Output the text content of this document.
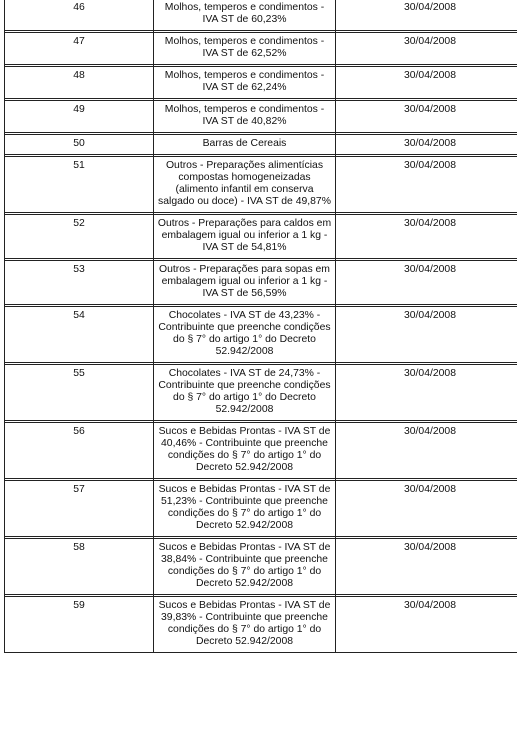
46	Molhos, temperos e condimentos - IVA ST de 60,23%	30/04/2008

47	Molhos, temperos e condimentos - IVA ST de 62,52%	30/04/2008

48	Molhos, temperos e condimentos - IVA ST de 62,24%	30/04/2008

49	Molhos, temperos e condimentos - IVA ST de 40,82%	30/04/2008

50	Barras de Cereais	30/04/2008

51	Outros - Preparações alimentícias compostas homogeneizadas (alimento infantil em conserva salgado ou doce) - IVA ST de 49,87%	30/04/2008

52	Outros - Preparações para caldos em embalagem igual ou inferior a 1 kg - IVA ST de 54,81%	30/04/2008

53	Outros - Preparações para sopas em embalagem igual ou inferior a 1 kg - IVA ST de 56,59%	30/04/2008

54	Chocolates - IVA ST de 43,23% - Contribuinte que preenche condições do § 7° do artigo 1° do Decreto 52.942/2008	30/04/2008

55	Chocolates - IVA ST de 24,73% - Contribuinte que preenche condições do § 7° do artigo 1° do Decreto 52.942/2008	30/04/2008

56	Sucos e Bebidas Prontas - IVA ST de 40,46% - Contribuinte que preenche condições do § 7° do artigo 1° do Decreto 52.942/2008	30/04/2008

57	Sucos e Bebidas Prontas - IVA ST de 51,23% - Contribuinte que preenche condições do § 7° do artigo 1° do Decreto 52.942/2008	30/04/2008

58	Sucos e Bebidas Prontas - IVA ST de 38,84% - Contribuinte que preenche condições do § 7° do artigo 1° do Decreto 52.942/2008	30/04/2008

59	Sucos e Bebidas Prontas - IVA ST de 39,83% - Contribuinte que preenche condições do § 7° do artigo 1° do Decreto 52.942/2008	30/04/2008
